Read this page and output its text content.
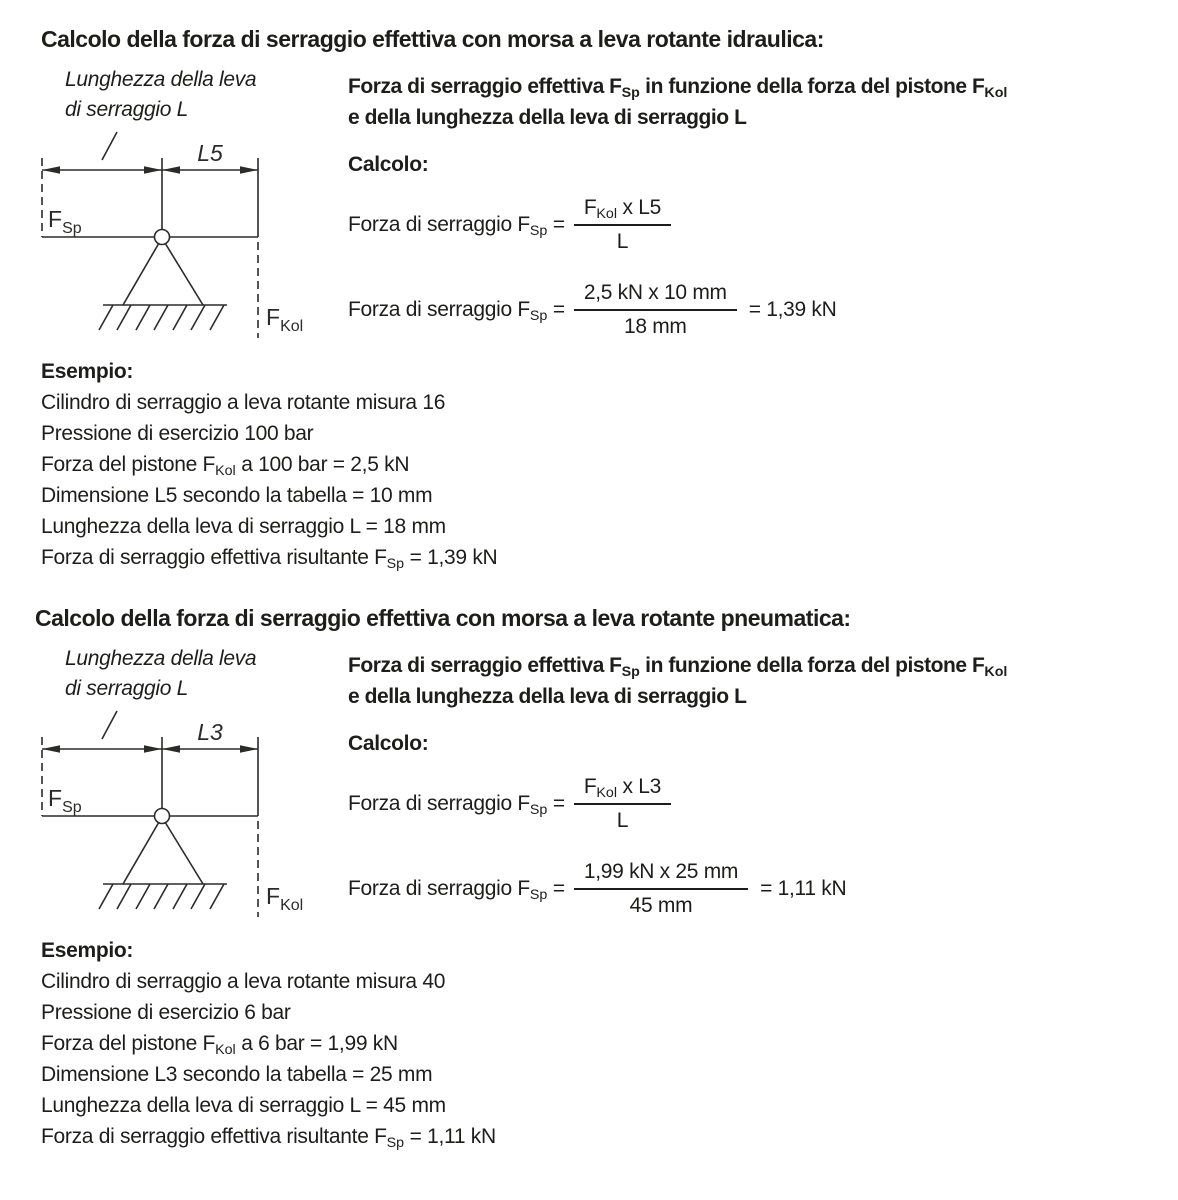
Calcolo della forza di serraggio effettiva con morsa a leva rotante idraulica:
Lunghezza della leva
di serraggio L
L5
$F_{Sp}$
$F_{Kol}$

Forza di serraggio effettiva $F_{Sp}$ in funzione della forza del pistone $F_{Kol}$
e della lunghezza della leva di serraggio L

Calcolo:

Forza di serraggio $F_{Sp} = \frac{F_{Kol} x L5}{L}$
Forza di serraggio $F_{Sp} = \frac{\text{2,5 kN x 10 mm}}{18 mm} = 1,39$ kN

Esempio:

Cilindro di serraggio a leva rotante misura 16
Pressione di esercizio 100 bar
Forza del pistone $F_{Kol}$ a 100 bar = 2,5 kN
Dimensione L5 secondo la tabella = 10 mm
Lunghezza della leva di serraggio L = 18 mm
Forza di serraggio effettiva risultante $F_{Sp} = 1,39$ kN
Calcolo della forza di serraggio effettiva con morsa a leva rotante pneumatica:
Lunghezza della leva
di serraggio L
L3
$F_{Sp}$
$F_{Kol}$

Forza di serraggio effettiva $F_{Sp}$ in funzione della forza del pistone $F_{Kol}$
e della lunghezza della leva di serraggio L

Calcolo:

Forza di serraggio $F_{Sp} = \frac{F_{Kol} x L3}{L}$
Forza di serraggio $F_{Sp} = \frac{\text{1,99 kN x 25 mm}}{45 mm} = 1,11$ kN

Esempio:

Cilindro di serraggio a leva rotante misura 40
Pressione di esercizio 6 bar
Forza del pistone $F_{Kol}$ a 6 bar = 1,99 kN
Dimensione L3 secondo la tabella = 25 mm
Lunghezza della leva di serraggio L = 45 mm
Forza di serraggio effettiva risultante $F_{Sp} = 1,11$ kN
